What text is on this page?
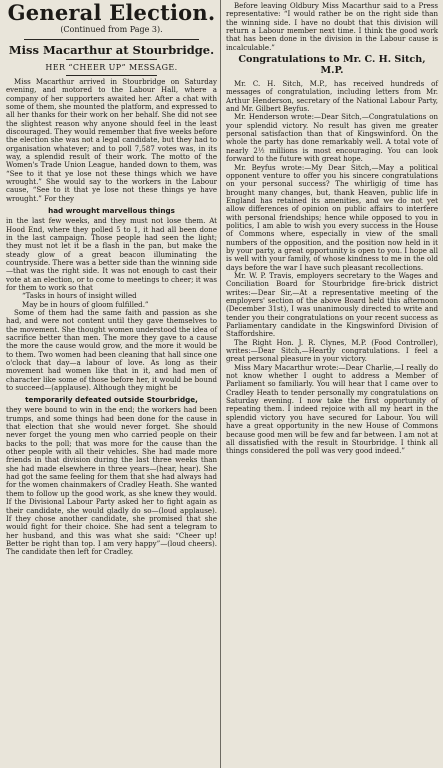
General Election.
(Continued from Page 3).
Miss Macarthur at Stourbridge.
HER “CHEER UP” MESSAGE.

Miss Macarthur arrived in Stourbridge on Saturday evening, and motored to the Labour Hall, where a company of her supporters awaited her. After a chat with some of them, she mounted the platform, and expressed to all her thanks for their work on her behalf. She did not see the slightest reason why anyone should feel in the least discouraged. They would remember that five weeks before the election she was not a legal candidate, but they had to organisation whatever; and to poll 7,587 votes was, in its way, a splendid result of their work. The motto of the Women's Trade Union League, handed down to them, was “See to it that ye lose not these things which we have wrought.” She would say to the workers in the Labour cause, “See to it that ye lose not these things ye have wrought.” For they

had wrought marvellous things

in the last few weeks, and they must not lose them. At Hood End, where they polled 5 to 1, it had all been done in the last campaign. Those people had seen the light; they must not let it be a flash in the pan, but make the steady glow of a great beacon illuminating the countryside. There was a better side than the winning side—that was the right side. It was not enough to cast their vote at an election, or to come to meetings to cheer; it was for them to work so that

“Tasks in hours of insight willed

May be in hours of gloom fulfilled.”

Some of them had the same faith and passion as she had, and were not content until they gave themselves to the movement. She thought women understood the idea of sacrifice better than men. The more they gave to a cause the more the cause would grow, and the more it would be to them. Two women had been cleaning that hall since one o'clock that day—a labour of love. As long as their movement had women like that in it, and had men of character like some of those before her, it would be bound to succeed—(applause). Although they might be

temporarily defeated outside Stourbridge,

they were bound to win in the end; the workers had been trumps, and some things had been done for the cause in that election that she would never forget. She should never forget the young men who carried people on their backs to the poll; that was more for the cause than the other people with all their vehicles. She had made more friends in that division during the last three weeks than she had made elsewhere in three years—(hear, hear). She had got the same feeling for them that she had always had for the women chainmakers of Cradley Heath. She wanted them to follow up the good work, as she knew they would. If the Divisional Labour Party asked her to fight again as their candidate, she would gladly do so—(loud applause). If they chose another candidate, she promised that she would fight for their choice. She had sent a telegram to her husband, and this was what she said: “Cheer up! Better be right than top. I am very happy”—(loud cheers). The candidate then left for Cradley.

Before leaving Oldbury Miss Macarthur said to a Press representative: “I would rather be on the right side than the winning side. I have no doubt that this division will return a Labour member next time. I think the good work that has been done in the division in the Labour cause is incalculable.”

Congratulations to Mr. C. H. Sitch,
M.P.

Mr. C. H. Sitch, M.P., has received hundreds of messages of congratulation, including letters from Mr. Arthur Henderson, secretary of the National Labour Party, and Mr. Gilbert Beyfus.

Mr. Henderson wrote:—Dear Sitch,—Congratulations on your splendid victory. No result has given me greater personal satisfaction than that of Kingswinford. On the whole the party has done remarkably well. A total vote of nearly 2½ millions is most encouraging. You can look forward to the future with great hope.

Mr. Beyfus wrote:—My Dear Sitch,—May a political opponent venture to offer you his sincere congratulations on your personal success? The whirligig of time has brought many changes, but, thank Heaven, public life in England has retained its amenities, and we do not yet allow differences of opinion on public affairs to interfere with personal friendships; hence while opposed to you in politics, I am able to wish you every success in the House of Commons where, especially in view of the small numbers of the opposition, and the position now held in it by your party, a great opportunity is open to you. I hope all is well with your family, of whose kindness to me in the old days before the war I have such pleasant recollections.

Mr. W. P. Travis, employers secretary to the Wages and Conciliation Board for Stourbridge fire-brick district writes:—Dear Sir,—At a representative meeting of the employers' section of the above Board held this afternoon (December 31st), I was unanimously directed to write and tender you their congratulations on your recent success as Parliamentary candidate in the Kingswinford Division of Staffordshire.

The Right Hon. J. R. Clynes, M.P. (Food Controller), writes:—Dear Sitch,—Heartly congratulations. I feel a great personal pleasure in your victory.

Miss Mary Macarthur wrote:—Dear Charlie,—I really do not know whether I ought to address a Member of Parliament so familiarly. You will hear that I came over to Cradley Heath to tender personally my congratulations on Saturday evening. I now take the first opportunity of repeating them. I indeed rejoice with all my heart in the splendid victory you have secured for Labour. You will have a great opportunity in the new House of Commons because good men will be few and far between. I am not at all dissatisfied with the result in Stourbridge. I think all things considered the poll was very good indeed.”
